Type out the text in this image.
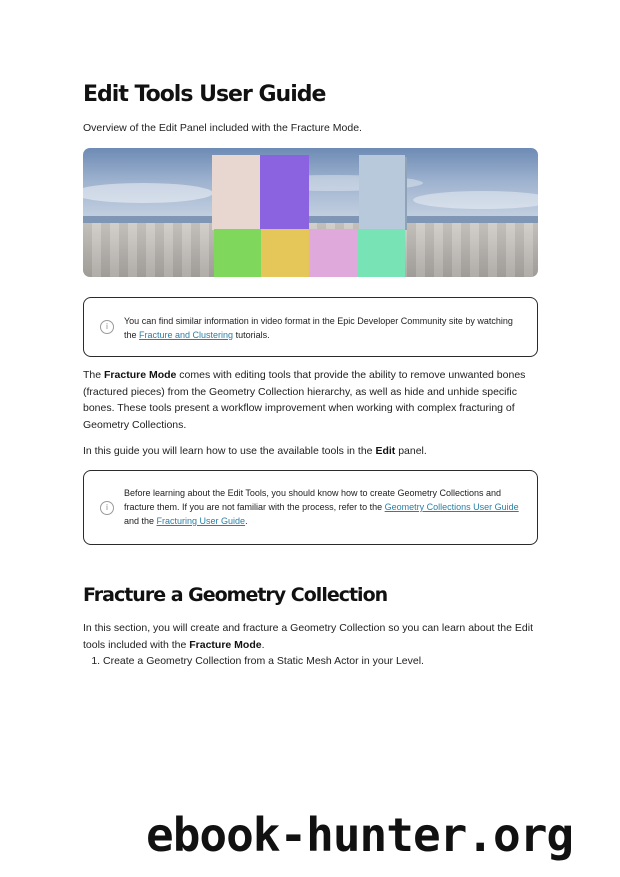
Edit Tools User Guide

Overview of the Edit Panel included with the Fracture Mode.

i

You can find similar information in video format in the Epic Developer Community site by watching the Fracture and Clustering tutorials.

The Fracture Mode comes with editing tools that provide the ability to remove unwanted bones (fractured pieces) from the Geometry Collection hierarchy, as well as hide and unhide specific bones. These tools present a workflow improvement when working with complex fracturing of Geometry Collections.

In this guide you will learn how to use the available tools in the Edit panel.

i

Before learning about the Edit Tools, you should know how to create Geometry Collections and fracture them. If you are not familiar with the process, refer to the Geometry Collections User Guide and the Fracturing User Guide.

Fracture a Geometry Collection

In this section, you will create and fracture a Geometry Collection so you can learn about the Edit tools included with the Fracture Mode.

1. Create a Geometry Collection from a Static Mesh Actor in your Level.

ebook-hunter.org
